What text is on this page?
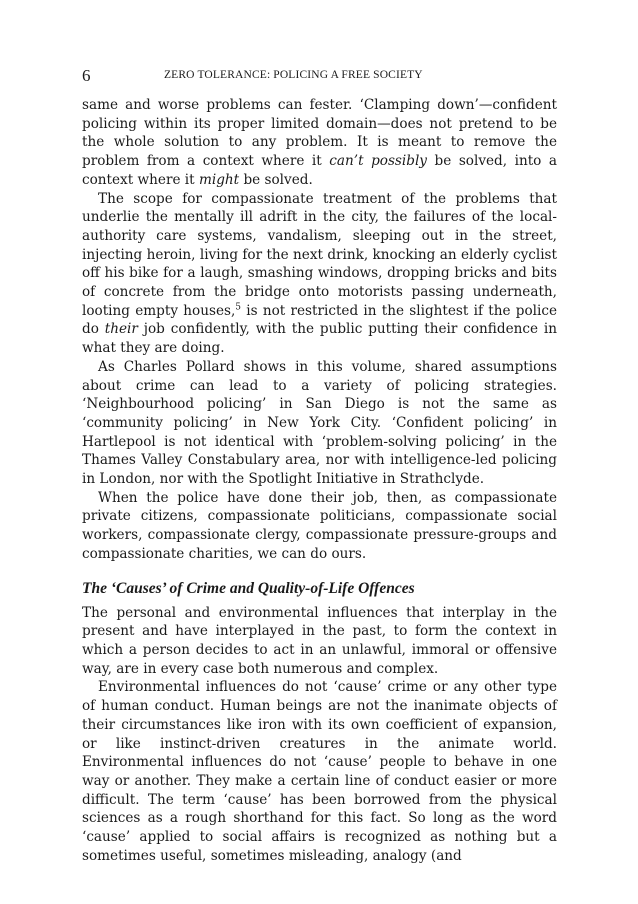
6	ZERO TOLERANCE: POLICING A FREE SOCIETY

same and worse problems can fester. ‘Clamping down’—confident policing within its proper limited domain—does not pretend to be the whole solution to any problem. It is meant to remove the problem from a context where it can’t possibly be solved, into a context where it might be solved.

The scope for compassionate treatment of the problems that underlie the mentally ill adrift in the city, the failures of the local-authority care systems, vandalism, sleeping out in the street, injecting heroin, living for the next drink, knocking an elderly cyclist off his bike for a laugh, smashing windows, dropping bricks and bits of concrete from the bridge onto motorists passing underneath, looting empty houses,$^5$ is not restricted in the slightest if the police do their job confidently, with the public putting their confidence in what they are doing.

As Charles Pollard shows in this volume, shared assumptions about crime can lead to a variety of policing strategies. ‘Neighbourhood policing’ in San Diego is not the same as ‘community policing’ in New York City. ‘Confident policing’ in Hartlepool is not identical with ‘problem-solving policing’ in the Thames Valley Constabulary area, nor with intelligence-led policing in London, nor with the Spotlight Initiative in Strathclyde.

When the police have done their job, then, as compassionate private citizens, compassionate politicians, compassionate social workers, compassionate clergy, compassionate pressure-groups and compassionate charities, we can do ours.

The ‘Causes’ of Crime and Quality-of-Life Offences

The personal and environmental influences that interplay in the present and have interplayed in the past, to form the context in which a person decides to act in an unlawful, immoral or offensive way, are in every case both numerous and complex.

Environmental influences do not ‘cause’ crime or any other type of human conduct. Human beings are not the inanimate objects of their circumstances like iron with its own coefficient of expansion, or like instinct-driven creatures in the animate world. Environmental influences do not ‘cause’ people to behave in one way or another. They make a certain line of conduct easier or more difficult. The term ‘cause’ has been borrowed from the physical sciences as a rough shorthand for this fact. So long as the word ‘cause’ applied to social affairs is recognized as nothing but a sometimes useful, sometimes misleading, analogy (and
